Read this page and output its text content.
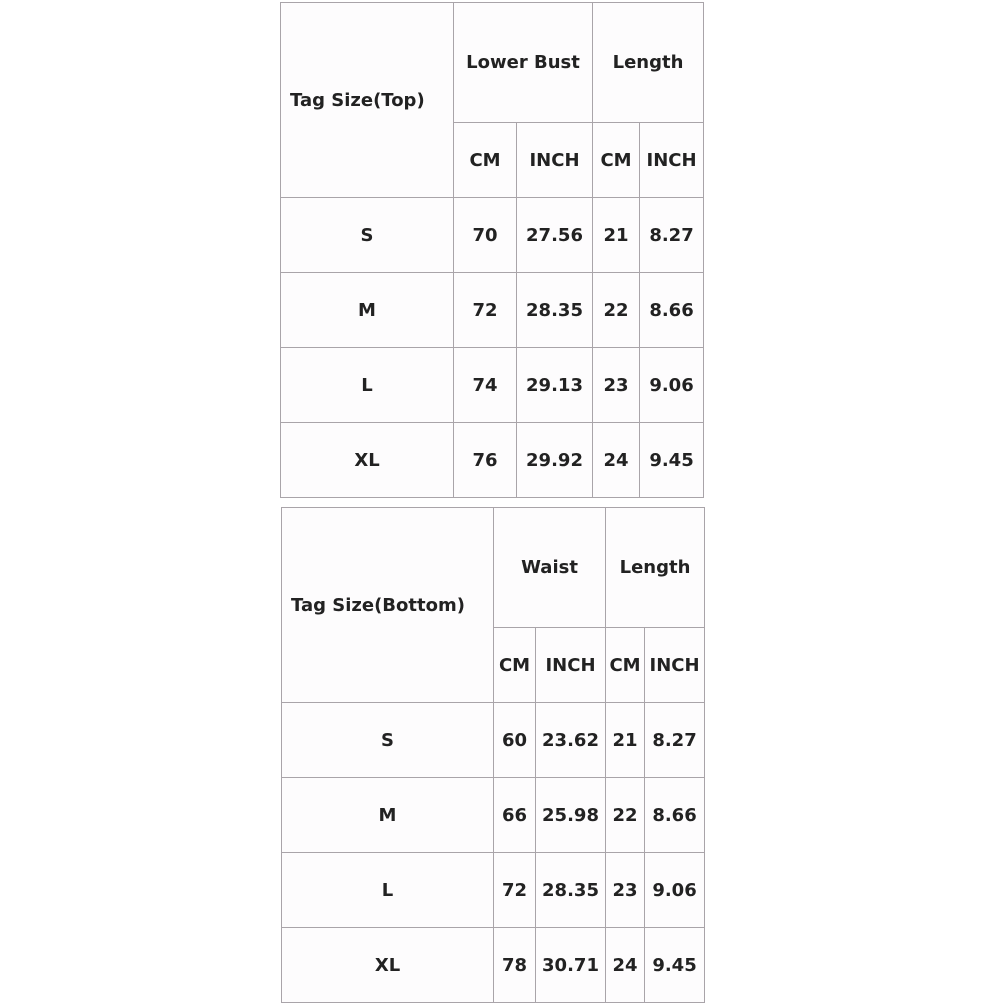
Tag Size(Top)	Lower Bust		Length	
	CM	INCH	CM	INCH
S	70	27.56	21	8.27
M	72	28.35	22	8.66
L	74	29.13	23	9.06
XL	76	29.92	24	9.45
Tag Size(Bottom)	Waist		Length	
	CM	INCH	CM	INCH
S	60	23.62	21	8.27
M	66	25.98	22	8.66
L	72	28.35	23	9.06
XL	78	30.71	24	9.45
